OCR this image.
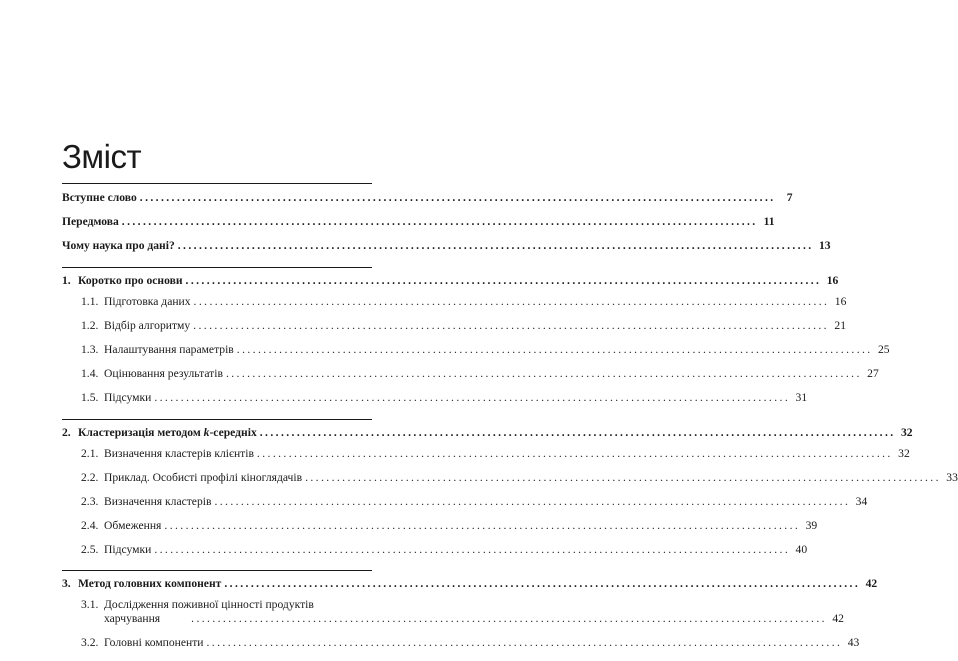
Зміст
Вступне слово ........................................................................................................................ 7
Передмова ........................................................................................................................ 11
Чому наука про дані? ........................................................................................................................ 13
1. Коротко про основи ........................................................................................................................ 16
1.1. Підготовка даних ........................................................................................................................ 16
1.2. Відбір алгоритму ........................................................................................................................ 21
1.3. Налаштування параметрів ........................................................................................................................ 25
1.4. Оцінювання результатів ........................................................................................................................ 27
1.5. Підсумки ........................................................................................................................ 31
2. Кластеризація методом k-середніх ........................................................................................................................ 32
2.1. Визначення кластерів клієнтів ........................................................................................................................ 32
2.2. Приклад. Особисті профілі кіноглядачів ........................................................................................................................ 33
2.3. Визначення кластерів ........................................................................................................................ 34
2.4. Обмеження ........................................................................................................................ 39
2.5. Підсумки ........................................................................................................................ 40
3. Метод головних компонент ........................................................................................................................ 42
3.1. Дослідження поживної цінності продуктів
харчування	........................................................................................................................ 42
3.2. Головні компоненти ........................................................................................................................ 43
